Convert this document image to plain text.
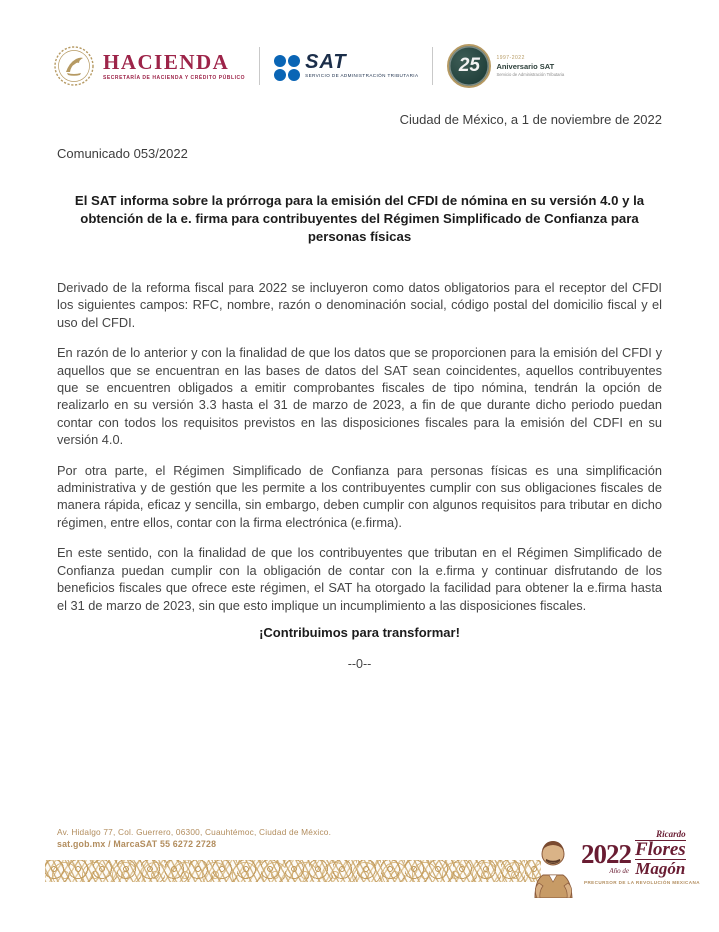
HACIENDA
SECRETARÍA DE HACIENDA Y CRÉDITO PÚBLICO
SAT
SERVICIO DE ADMINISTRACIÓN TRIBUTARIA 25	1997-2022
Aniversario SAT
Servicio de Administración Tributaria

Ciudad de México, a 1 de noviembre de 2022

Comunicado 053/2022

El SAT informa sobre la prórroga para la emisión del CFDI de nómina en su versión 4.0 y la obtención de la e. firma para contribuyentes del Régimen Simplificado de Confianza para personas físicas

Derivado de la reforma fiscal para 2022 se incluyeron como datos obligatorios para el receptor del CFDI los siguientes campos: RFC, nombre, razón o denominación social, código postal del domicilio fiscal y el uso del CFDI.

En razón de lo anterior y con la finalidad de que los datos que se proporcionen para la emisión del CFDI y aquellos que se encuentran en las bases de datos del SAT sean coincidentes, aquellos contribuyentes que se encuentren obligados a emitir comprobantes fiscales de tipo nómina, tendrán la opción de realizarlo en su versión 3.3 hasta el 31 de marzo de 2023, a fin de que durante dicho periodo puedan contar con todos los requisitos previstos en las disposiciones fiscales para la emisión del CDFI en su versión 4.0.

Por otra parte, el Régimen Simplificado de Confianza para personas físicas es una simplificación administrativa y de gestión que les permite a los contribuyentes cumplir con sus obligaciones fiscales de manera rápida, eficaz y sencilla, sin embargo, deben cumplir con algunos requisitos para tributar en dicho régimen, entre ellos, contar con la firma electrónica (e.firma).

En este sentido, con la finalidad de que los contribuyentes que tributan en el Régimen Simplificado de Confianza puedan cumplir con la obligación de contar con la e.firma y continuar disfrutando de los beneficios fiscales que ofrece este régimen, el SAT ha otorgado la facilidad para obtener la e.firma hasta el 31 de marzo de 2023, sin que esto implique un incumplimiento a las disposiciones fiscales.

¡Contribuimos para transformar!

--0--

Av. Hidalgo 77, Col. Guerrero, 06300, Cuauhtémoc, Ciudad de México.
sat.gob.mx / MarcaSAT 55 6272 2728	2022
Año de
Ricardo
Flores
Magón
PRECURSOR DE LA REVOLUCIÓN MEXICANA
